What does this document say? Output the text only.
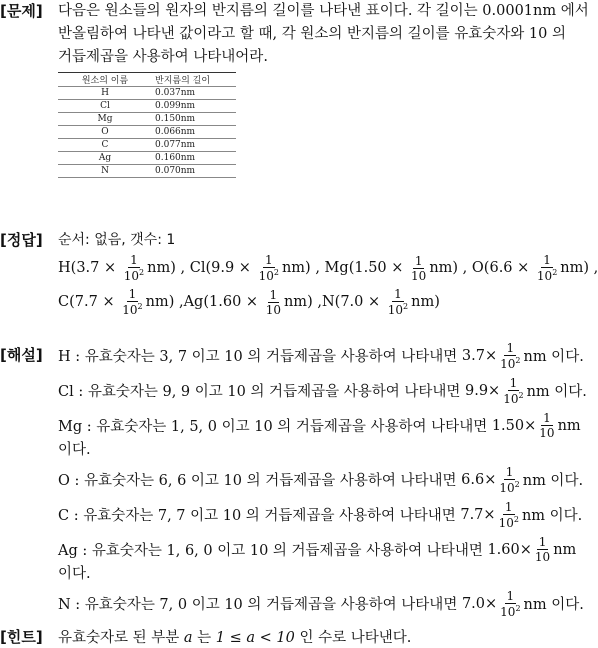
[문제] 다음은 원소들의 원자의 반지름의 길이를 나타낸 표이다. 각 길이는 0.0001nm 에서
반올림하여 나타낸 값이라고 할 때, 각 원소의 반지름의 길이를 유효숫자와 10 의
거듭제곱을 사용하여 나타내어라.
원소의 이름	반지름의 길이
H	0.037nm
Cl	0.099nm
Mg	0.150nm
O	0.066nm
C	0.077nm
Ag	0.160nm
N	0.070nm
[정답] 순서: 없음, 갯수: 1
H ( $3.7 \times \frac{1}{10^2}$ nm ) , Cl ( $9.9 \times \frac{1}{10^2}$ nm ) , Mg ( $1.50 \times \frac{1}{10}$ nm ) , O ( $6.6 \times \frac{1}{10^2}$ nm ) ,
C ( $7.7 \times \frac{1}{10^2}$ nm ) , Ag ( $1.60 \times \frac{1}{10}$ nm ) , N ( $7.0 \times \frac{1}{10^2}$ nm )
[해설] H : 유효숫자는 3, 7 이고 10 의 거듭제곱을 사용하여 나타내면
$3.7 \times \frac{1}{10^2}$ nm 이다.
Cl : 유효숫자는 9, 9 이고 10 의 거듭제곱을 사용하여 나타내면
$9.9 \times \frac{1}{10^2}$ nm 이다.
Mg : 유효숫자는 1, 5, 0 이고 10 의 거듭제곱을 사용하여 나타내면
$1.50 \times \frac{1}{10}$ nm
이다.
O : 유효숫자는 6, 6 이고 10 의 거듭제곱을 사용하여 나타내면
$6.6 \times \frac{1}{10^2}$ nm 이다.
C : 유효숫자는 7, 7 이고 10 의 거듭제곱을 사용하여 나타내면
$7.7 \times \frac{1}{10^2}$ nm 이다.
Ag : 유효숫자는 1, 6, 0 이고 10 의 거듭제곱을 사용하여 나타내면
$1.60 \times \frac{1}{10}$ nm
이다.
N : 유효숫자는 7, 0 이고 10 의 거듭제곱을 사용하여 나타내면
$7.0 \times \frac{1}{10^2}$ nm 이다.
[힌트] 유효숫자로 된 부분 a 는 1 ≤ a < 10 인 수로 나타낸다.
